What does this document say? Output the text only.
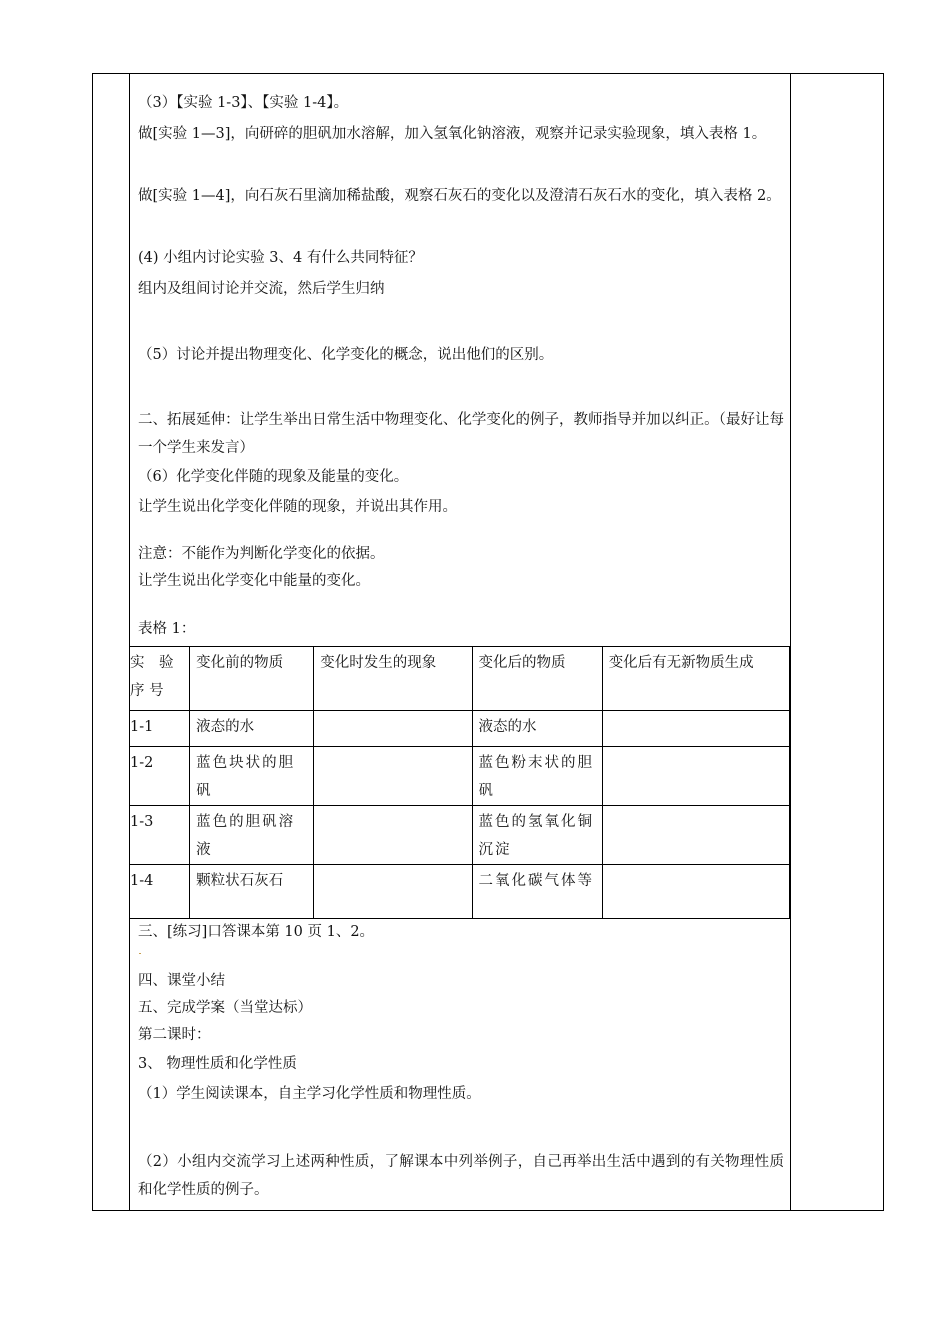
（3）【实验 1-3】、【实验 1-4】。
做[实验 1—3]，向研碎的胆矾加水溶解，加入氢氧化钠溶液，观察并记录实验现象，填入表格 1。
做[实验 1—4]，向石灰石里滴加稀盐酸，观察石灰石的变化以及澄清石灰石水的变化，填入表格 2。
(4) 小组内讨论实验 3、4 有什么共同特征？
组内及组间讨论并交流，然后学生归纳
（5）讨论并提出物理变化、化学变化的概念，说出他们的区别。
二、拓展延伸：让学生举出日常生活中物理变化、化学变化的例子，教师指导并加以纠正。（最好让每一个学生来发言）
（6）化学变化伴随的现象及能量的变化。
让学生说出化学变化伴随的现象，并说出其作用。
注意：不能作为判断化学变化的依据。
让学生说出化学变化中能量的变化。
表格 1：
实　验序 号	变化前的物质	变化时发生的现象	变化后的物质	变化后有无新物质生成
1-1	液态的水		液态的水	
1-2	蓝色块状的胆矾		蓝色粉末状的胆矾	
1-3	蓝色的胆矾溶液		蓝色的氢氧化铜沉淀	
1-4	颗粒状石灰石		二氧化碳气体等	
三、[练习]口答课本第 10 页 1、2。
四、课堂小结
五、完成学案（当堂达标）
第二课时：
3、 物理性质和化学性质
（1）学生阅读课本，自主学习化学性质和物理性质。
（2）小组内交流学习上述两种性质，了解课本中列举例子，自己再举出生活中遇到的有关物理性质和化学性质的例子。
